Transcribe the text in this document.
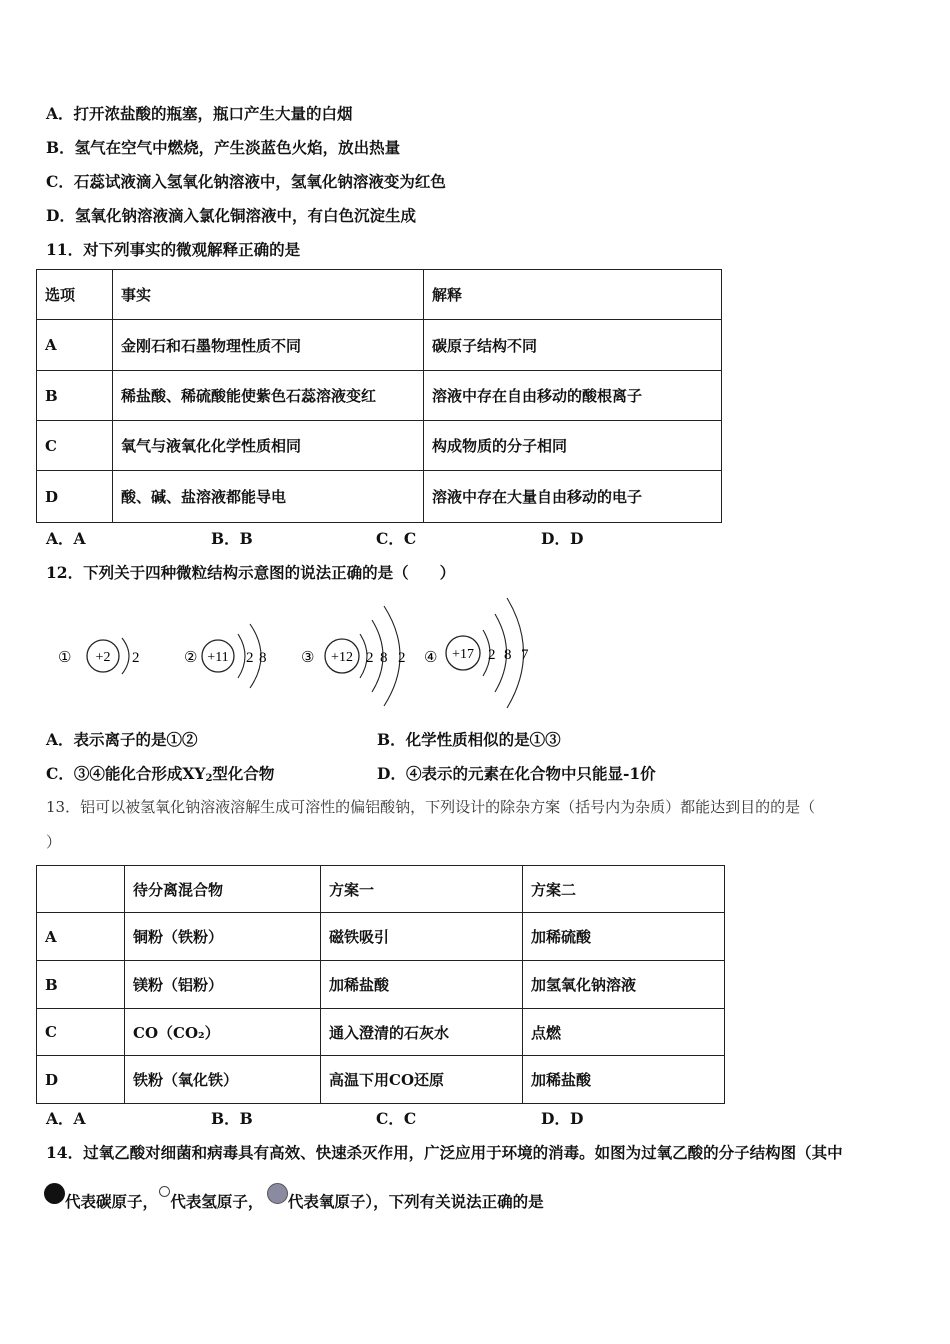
A．打开浓盐酸的瓶塞，瓶口产生大量的白烟
B．氢气在空气中燃烧，产生淡蓝色火焰，放出热量
C．石蕊试液滴入氢氧化钠溶液中，氢氧化钠溶液变为红色
D．氢氧化钠溶液滴入氯化铜溶液中，有白色沉淀生成
11．对下列事实的微观解释正确的是
选项	事实	解释
A	金刚石和石墨物理性质不同	碳原子结构不同
B	稀盐酸、稀硫酸能使紫色石蕊溶液变红	溶液中存在自由移动的酸根离子
C	氧气与液氧化化学性质相同	构成物质的分子相同
D	酸、碱、盐溶液都能导电	溶液中存在大量自由移动的电子
A．A	B．B	C．C	D．D
12．下列关于四种微粒结构示意图的说法正确的是（　　）
① +2 2	② +11 2 8 ③ +12 2 8 2 ④ +17 2 8 7
A．表示离子的是①②	B．化学性质相似的是①③
C．③④能化合形成$XY_2$型化合物	D．④表示的元素在化合物中只能显-1价
13．铝可以被氢氧化钠溶液溶解生成可溶性的偏铝酸钠，下列设计的除杂方案（括号内为杂质）都能达到目的的是（
）
	待分离混合物	方案一	方案二
A	铜粉（铁粉）	磁铁吸引	加稀硫酸
B	镁粉（铝粉）	加稀盐酸	加氢氧化钠溶液
C	CO（CO₂）	通入澄清的石灰水	点燃
D	铁粉（氧化铁）	高温下用CO还原	加稀盐酸
A．A	B．B	C．C	D．D
14．过氧乙酸对细菌和病毒具有高效、快速杀灭作用，广泛应用于环境的消毒。如图为过氧乙酸的分子结构图（其中
代表碳原子， 代表氢原子， 代表氧原子），下列有关说法正确的是
